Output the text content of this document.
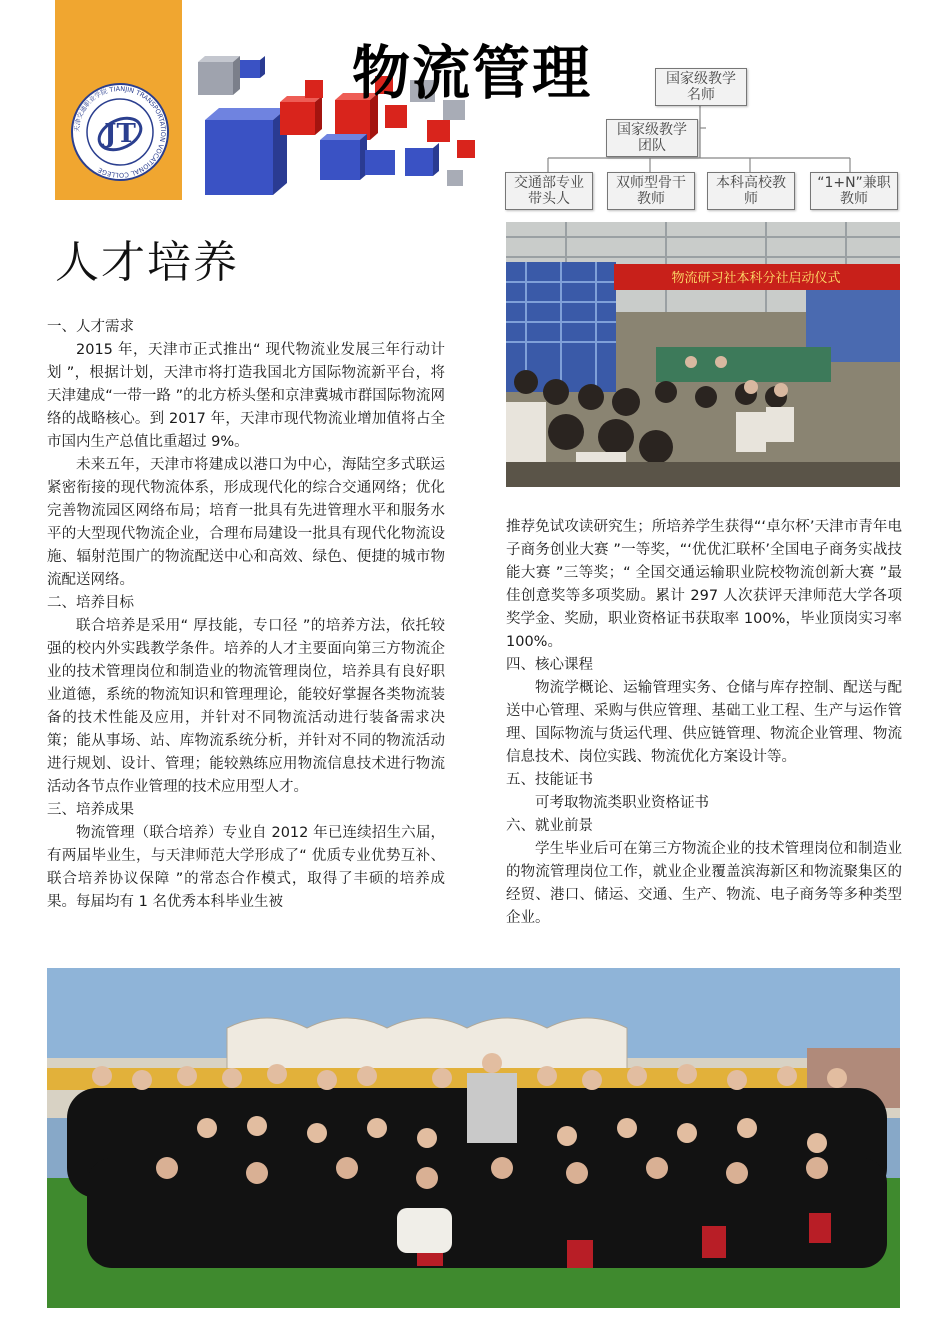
天津交通职业学院 TIANJIN TRANSPORTATION VOCATIONAL COLLEGE
JT
物流管理	国家级教学
名师
国家级教学
团队
交通部专业
带头人
双师型骨干
教师
本科高校教
师
“1+N”兼职
教师
人才培养	物流研习社本科分社启动仪式

一、人才需求

2015 年，天津市正式推出“ 现代物流业发展三年行动计划 ”，根据计划，天津市将打造我国北方国际物流新平台，将天津建成“一带一路 ”的北方桥头堡和京津冀城市群国际物流网络的战略核心。到 2017 年，天津市现代物流业增加值将占全市国内生产总值比重超过 9%。

未来五年，天津市将建成以港口为中心，海陆空多式联运紧密衔接的现代物流体系，形成现代化的综合交通网络；优化完善物流园区网络布局；培育一批具有先进管理水平和服务水平的大型现代物流企业，合理布局建设一批具有现代化物流设施、辐射范围广的物流配送中心和高效、绿色、便捷的城市物流配送网络。

二、培养目标

联合培养是采用“ 厚技能，专口径 ”的培养方法，依托较强的校内外实践教学条件。培养的人才主要面向第三方物流企业的技术管理岗位和制造业的物流管理岗位，培养具有良好职业道德，系统的物流知识和管理理论，能较好掌握各类物流装备的技术性能及应用，并针对不同物流活动进行装备需求决策；能从事场、站、库物流系统分析，并针对不同的物流活动进行规划、设计、管理；能较熟练应用物流信息技术进行物流活动各节点作业管理的技术应用型人才。

三、培养成果

物流管理（联合培养）专业自 2012 年已连续招生六届，有两届毕业生，与天津师范大学形成了“ 优质专业优势互补、联合培养协议保障 ”的常态合作模式，取得了丰硕的培养成果。每届均有 1 名优秀本科毕业生被

推荐免试攻读研究生；所培养学生获得“‘卓尔杯’天津市青年电子商务创业大赛 ”一等奖，“‘优优汇联杯’全国电子商务实战技能大赛 ”三等奖；“ 全国交通运输职业院校物流创新大赛 ”最佳创意奖等多项奖励。累计 297 人次获评天津师范大学各项奖学金、奖励，职业资格证书获取率 100%，毕业顶岗实习率 100%。

四、核心课程

物流学概论、运输管理实务、仓储与库存控制、配送与配送中心管理、采购与供应管理、基础工业工程、生产与运作管理、国际物流与货运代理、供应链管理、物流企业管理、物流信息技术、岗位实践、物流优化方案设计等。

五、技能证书

可考取物流类职业资格证书

六、就业前景

学生毕业后可在第三方物流企业的技术管理岗位和制造业的物流管理岗位工作，就业企业覆盖滨海新区和物流聚集区的经贸、港口、储运、交通、生产、物流、电子商务等多种类型企业。
